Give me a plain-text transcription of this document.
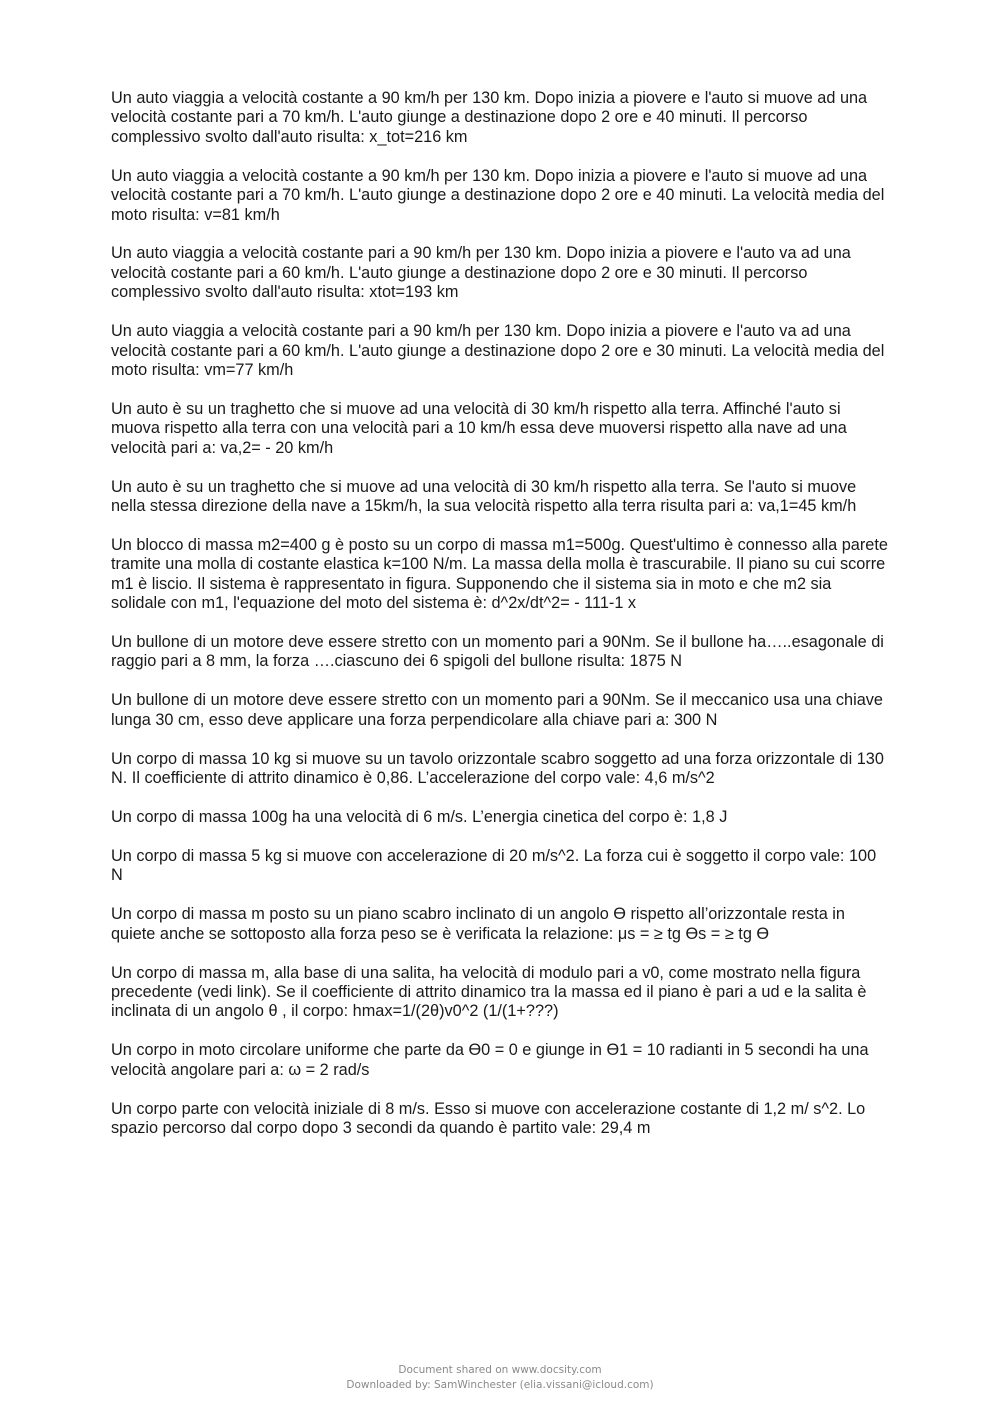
Un auto viaggia a velocità costante a 90 km/h per 130 km. Dopo inizia a piovere e l'auto si muove ad una velocità costante pari a 70 km/h. L'auto giunge a destinazione dopo 2 ore e 40 minuti. Il percorso complessivo svolto dall'auto risulta: x_tot=216 km

Un auto viaggia a velocità costante a 90 km/h per 130 km. Dopo inizia a piovere e l'auto si muove ad una velocità costante pari a 70 km/h. L'auto giunge a destinazione dopo 2 ore e 40 minuti. La velocità media del moto risulta: v=81 km/h

Un auto viaggia a velocità costante pari a 90 km/h per 130 km. Dopo inizia a piovere e l'auto va ad una velocità costante pari a 60 km/h. L'auto giunge a destinazione dopo 2 ore e 30 minuti. Il percorso complessivo svolto dall'auto risulta: xtot=193 km

Un auto viaggia a velocità costante pari a 90 km/h per 130 km. Dopo inizia a piovere e l'auto va ad una velocità costante pari a 60 km/h. L'auto giunge a destinazione dopo 2 ore e 30 minuti. La velocità media del moto risulta: vm=77 km/h

Un auto è su un traghetto che si muove ad una velocità di 30 km/h rispetto alla terra. Affinché l'auto si muova rispetto alla terra con una velocità pari a 10 km/h essa deve muoversi rispetto alla nave ad una velocità pari a: va,2= - 20 km/h

Un auto è su un traghetto che si muove ad una velocità di 30 km/h rispetto alla terra. Se l'auto si muove nella stessa direzione della nave a 15km/h, la sua velocità rispetto alla terra risulta pari a: va,1=45 km/h

Un blocco di massa m2=400 g è posto su un corpo di massa m1=500g. Quest'ultimo è connesso alla parete tramite una molla di costante elastica k=100 N/m. La massa della molla è trascurabile. Il piano su cui scorre m1 è liscio. Il sistema è rappresentato in figura. Supponendo che il sistema sia in moto e che m2 sia solidale con m1, l'equazione del moto del sistema è: d^2x/dt^2= - 111-1 x

Un bullone di un motore deve essere stretto con un momento pari a 90Nm. Se il bullone ha…..esagonale di raggio pari a 8 mm, la forza ….ciascuno dei 6 spigoli del bullone risulta: 1875 N

Un bullone di un motore deve essere stretto con un momento pari a 90Nm. Se il meccanico usa una chiave lunga 30 cm, esso deve applicare una forza perpendicolare alla chiave pari a: 300 N

Un corpo di massa 10 kg si muove su un tavolo orizzontale scabro soggetto ad una forza orizzontale di 130 N. Il coefficiente di attrito dinamico è 0,86. L’accelerazione del corpo vale: 4,6 m/s^2

Un corpo di massa 100g ha una velocità di 6 m/s. L’energia cinetica del corpo è: 1,8 J

Un corpo di massa 5 kg si muove con accelerazione di 20 m/s^2. La forza cui è soggetto il corpo vale: 100 N

Un corpo di massa m posto su un piano scabro inclinato di un angolo Ɵ rispetto all’orizzontale resta in quiete anche se sottoposto alla forza peso se è verificata la relazione: μs = ≥ tg Ɵs = ≥ tg Ɵ

Un corpo di massa m, alla base di una salita, ha velocità di modulo pari a v0, come mostrato nella figura precedente (vedi link). Se il coefficiente di attrito dinamico tra la massa ed il piano è pari a ud e la salita è inclinata di un angolo θ , il corpo: hmax=1/(2θ)v0^2 (1/(1+???)

Un corpo in moto circolare uniforme che parte da Ɵ0 = 0 e giunge in Ɵ1 = 10 radianti in 5 secondi ha una velocità angolare pari a: ω = 2 rad/s

Un corpo parte con velocità iniziale di 8 m/s. Esso si muove con accelerazione costante di 1,2 m/ s^2. Lo spazio percorso dal corpo dopo 3 secondi da quando è partito vale: 29,4 m

Document shared on www.docsity.com
Downloaded by: SamWinchester (elia.vissani@icloud.com)
